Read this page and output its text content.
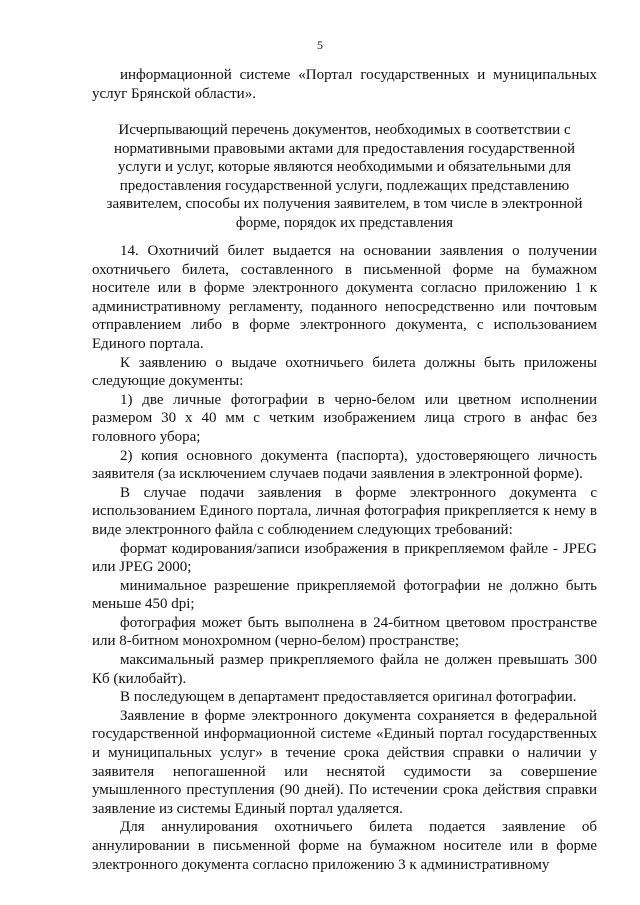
5

информационной системе «Портал государственных и муниципальных услуг Брянской области».

Исчерпывающий перечень документов, необходимых в соответствии с нормативными правовыми актами для предоставления государственной услуги и услуг, которые являются необходимыми и обязательными для предоставления государственной услуги, подлежащих представлению заявителем, способы их получения заявителем, в том числе в электронной форме, порядок их представления

14. Охотничий билет выдается на основании заявления о получении охотничьего билета, составленного в письменной форме на бумажном носителе или в форме электронного документа согласно приложению 1 к административному регламенту, поданного непосредственно или почтовым отправлением либо в форме электронного документа, с использованием Единого портала.

К заявлению о выдаче охотничьего билета должны быть приложены следующие документы:

1) две личные фотографии в черно-белом или цветном исполнении размером 30 х 40 мм с четким изображением лица строго в анфас без головного убора;

2) копия основного документа (паспорта), удостоверяющего личность заявителя (за исключением случаев подачи заявления в электронной форме).

В случае подачи заявления в форме электронного документа с использованием Единого портала, личная фотография прикрепляется к нему в виде электронного файла с соблюдением следующих требований:

формат кодирования/записи изображения в прикрепляемом файле - JPEG или JPEG 2000;

минимальное разрешение прикрепляемой фотографии не должно быть меньше 450 dpi;

фотография может быть выполнена в 24-битном цветовом пространстве или 8-битном монохромном (черно-белом) пространстве;

максимальный размер прикрепляемого файла не должен превышать 300 Кб (килобайт).

В последующем в департамент предоставляется оригинал фотографии.

Заявление в форме электронного документа сохраняется в федеральной государственной информационной системе «Единый портал государственных и муниципальных услуг» в течение срока действия справки о наличии у заявителя непогашенной или неснятой судимости за совершение умышленного преступления (90 дней). По истечении срока действия справки заявление из системы Единый портал удаляется.

Для аннулирования охотничьего билета подается заявление об аннулировании в письменной форме на бумажном носителе или в форме электронного документа согласно приложению 3 к административному
